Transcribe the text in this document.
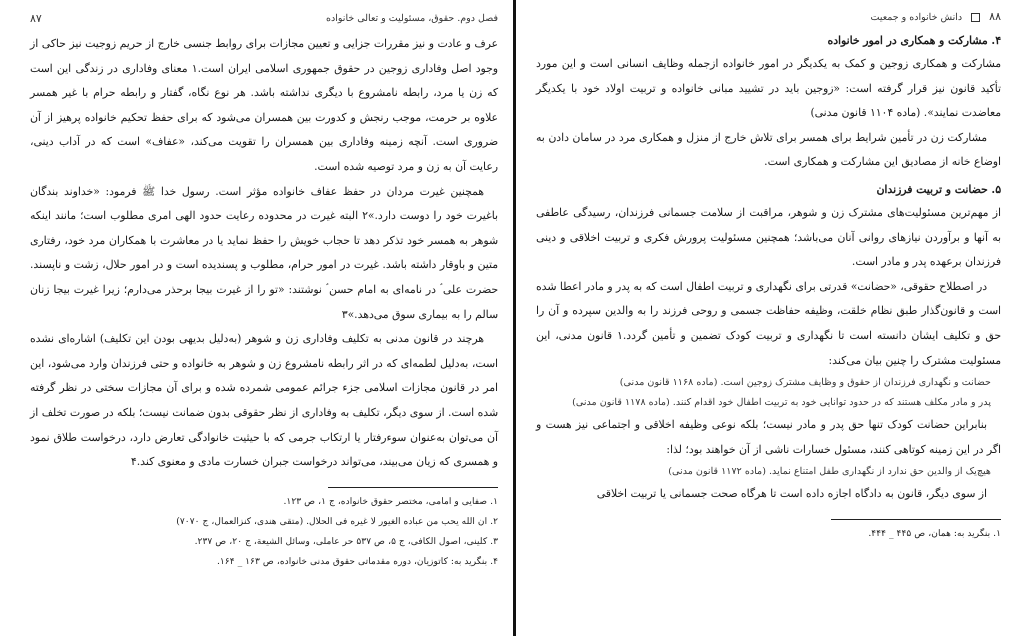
فصل دوم. حقوق، مسئولیت و تعالی خانواده
۸۷

عرف و عادت و نیز مقررات جزایی و تعیین مجازات برای روابط جنسی خارج از حریم زوجیت نیز حاکی از وجود اصل وفاداری زوجین در حقوق جمهوری اسلامی ایران است.۱ معنای وفاداری در زندگی این است که زن یا مرد، رابطه نامشروع با دیگری نداشته باشد. هر نوع نگاه، گفتار و رابطه حرام با غیر همسر علاوه بر حرمت، موجب رنجش و کدورت بین همسران می‌شود که برای حفظ تحکیم خانواده پرهیز از آن ضروری است. آنچه زمینه وفاداری بین همسران را تقویت می‌کند، «عفاف» است که در آداب دینی، رعایت آن به زن و مرد توصیه شده است.

همچنین غیرت مردان در حفظ عفاف خانواده مؤثر است. رسول خدا ﷺ فرمود: «خداوند بندگان باغیرت خود را دوست دارد.»۲ البته غیرت در محدوده رعایت حدود الهی امری مطلوب است؛ مانند اینکه شوهر به همسر خود تذکر دهد تا حجاب خویش را حفظ نماید یا در معاشرت با همکاران مرد خود، رفتاری متین و باوقار داشته باشد. غیرت در امور حرام، مطلوب و پسندیده است و در امور حلال، زشت و ناپسند. حضرت علی ؑ در نامه‌ای به امام حسن ؑ نوشتند: «تو را از غیرت بیجا برحذر می‌دارم؛ زیرا غیرت بیجا زنان سالم را به بیماری سوق می‌دهد.»۳

هرچند در قانون مدنی به تکلیف وفاداری زن و شوهر (به‌دلیل بدیهی بودن این تکلیف) اشاره‌ای نشده است، به‌دلیل لطمه‌ای که در اثر رابطه نامشروع زن و شوهر به خانواده و حتی فرزندان وارد می‌شود، این امر در قانون مجازات اسلامی جزء جرائم عمومی شمرده شده و برای آن مجازات سختی در نظر گرفته شده است. از سوی دیگر، تکلیف به وفاداری از نظر حقوقی بدون ضمانت نیست؛ بلکه در صورت تخلف از آن می‌توان به‌عنوان سوءرفتار یا ارتکاب جرمی که با حیثیت خانوادگی تعارض دارد، درخواست طلاق نمود و همسری که زیان می‌بیند، می‌تواند درخواست جبران خسارت مادی و معنوی کند.۴

۱. صفایی و امامی، مختصر حقوق خانواده، ج ۱، ص ۱۲۳.

۲. ان الله یحب من عباده الغیور لا غیره فی الحلال. (متقی هندی، کنزالعمال، ج ۷۰۷۰)

۳. کلینی، اصول الکافی، ج ۵، ص ۵۳۷ حر عاملی، وسائل الشیعة، ج ۲۰، ص ۲۳۷.

۴. بنگرید به: کاتوزیان، دوره مقدماتی حقوق مدنی خانواده، ص ۱۶۳ _ ۱۶۴.

۸۸  دانش خانواده و جمعیت
۴. مشارکت و همکاری در امور خانواده

مشارکت و همکاری زوجین و کمک به یکدیگر در امور خانواده ازجمله وظایف انسانی است و این مورد تأکید قانون نیز قرار گرفته است: «زوجین باید در تشیید مبانی خانواده و تربیت اولاد خود با یکدیگر معاضدت نمایند». (ماده ۱۱۰۴ قانون مدنی)

مشارکت زن در تأمین شرایط برای همسر برای تلاش خارج از منزل و همکاری مرد در سامان دادن به اوضاع خانه از مصادیق این مشارکت و همکاری است.

۵. حضانت و تربیت فرزندان

از مهم‌ترین مسئولیت‌های مشترک زن و شوهر، مراقبت از سلامت جسمانی فرزندان، رسیدگی عاطفی به آنها و برآوردن نیازهای روانی آنان می‌باشد؛ همچنین مسئولیت پرورش فکری و تربیت اخلاقی و دینی فرزندان برعهده پدر و مادر است.

در اصطلاح حقوقی، «حضانت» قدرتی برای نگهداری و تربیت اطفال است که به پدر و مادر اعطا شده است و قانون‌گذار طبق نظام خلقت، وظیفه حفاظت جسمی و روحی فرزند را به والدین سپرده و آن را حق و تکلیف ایشان دانسته است تا نگهداری و تربیت کودک تضمین و تأمین گردد.۱ قانون مدنی، این مسئولیت مشترک را چنین بیان می‌کند:

حضانت و نگهداری فرزندان از حقوق و وظایف مشترک زوجین است. (ماده ۱۱۶۸ قانون مدنی)

پدر و مادر مکلف هستند که در حدود توانایی خود به تربیت اطفال خود اقدام کنند. (ماده ۱۱۷۸ قانون مدنی)

بنابراین حضانت کودک تنها حق پدر و مادر نیست؛ بلکه نوعی وظیفه اخلاقی و اجتماعی نیز هست و اگر در این زمینه کوتاهی کنند، مسئول خسارات ناشی از آن خواهند بود؛ لذا:

هیچ‌یک از والدین حق ندارد از نگهداری طفل امتناع نماید. (ماده ۱۱۷۲ قانون مدنی)

از سوی دیگر، قانون به دادگاه اجازه داده است تا هرگاه صحت جسمانی یا تربیت اخلاقی

۱. بنگرید به: همان، ص ۴۴۵ _ ۴۴۴.
